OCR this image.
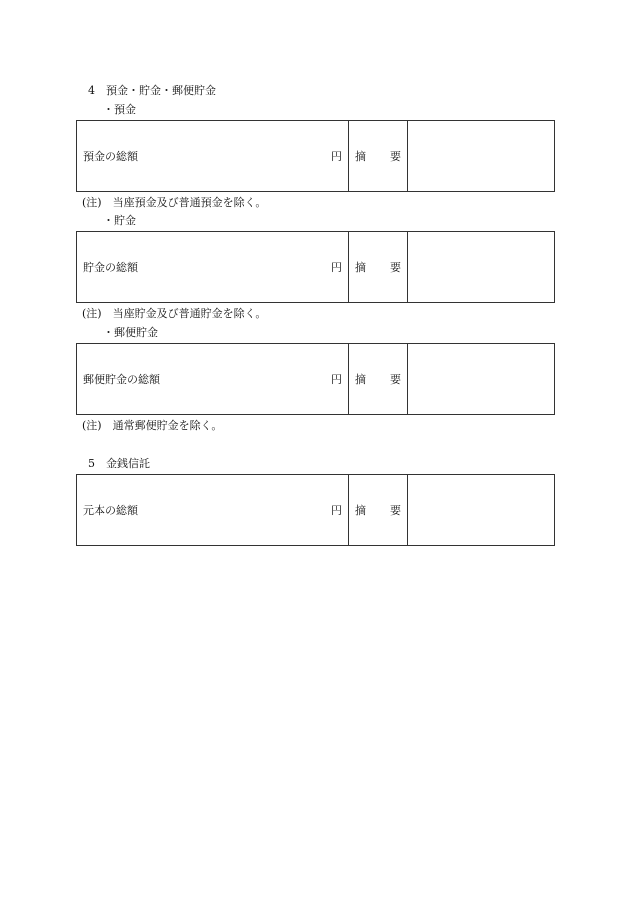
4　預金・貯金・郵便貯金
・預金
預金の総額	円 摘 要
(注)　当座預金及び普通預金を除く。
・貯金
貯金の総額	円 摘 要
(注)　当座貯金及び普通貯金を除く。
・郵便貯金
郵便貯金の総額	円 摘 要
(注)　通常郵便貯金を除く。
5　金銭信託
元本の総額	円 摘 要
